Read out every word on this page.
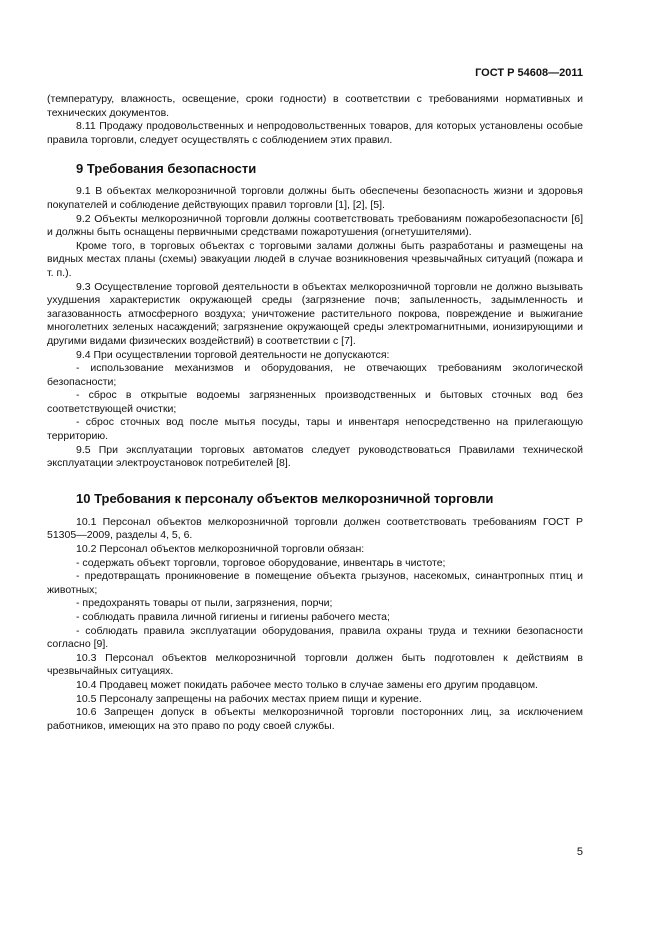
ГОСТ Р 54608—2011

(температуру, влажность, освещение, сроки годности) в соответствии с требованиями нормативных и технических документов.

8.11 Продажу продовольственных и непродовольственных товаров, для которых установлены особые правила торговли, следует осуществлять с соблюдением этих правил.

9 Требования безопасности

9.1 В объектах мелкорозничной торговли должны быть обеспечены безопасность жизни и здоровья покупателей и соблюдение действующих правил торговли [1], [2], [5].

9.2 Объекты мелкорозничной торговли должны соответствовать требованиям пожаробезопасности [6] и должны быть оснащены первичными средствами пожаротушения (огнетушителями).

Кроме того, в торговых объектах с торговыми залами должны быть разработаны и размещены на видных местах планы (схемы) эвакуации людей в случае возникновения чрезвычайных ситуаций (пожара и т. п.).

9.3 Осуществление торговой деятельности в объектах мелкорозничной торговли не должно вызывать ухудшения характеристик окружающей среды (загрязнение почв; запыленность, задымленность и загазованность атмосферного воздуха; уничтожение растительного покрова, повреждение и выжигание многолетних зеленых насаждений; загрязнение окружающей среды электромагнитными, ионизирующими и другими видами физических воздействий) в соответствии с [7].

9.4 При осуществлении торговой деятельности не допускаются:

- использование механизмов и оборудования, не отвечающих требованиям экологической безопасности;

- сброс в открытые водоемы загрязненных производственных и бытовых сточных вод без соответствующей очистки;

- сброс сточных вод после мытья посуды, тары и инвентаря непосредственно на прилегающую территорию.

9.5 При эксплуатации торговых автоматов следует руководствоваться Правилами технической эксплуатации электроустановок потребителей [8].

10 Требования к персоналу объектов мелкорозничной торговли

10.1 Персонал объектов мелкорозничной торговли должен соответствовать требованиям ГОСТ Р 51305—2009, разделы 4, 5, 6.

10.2 Персонал объектов мелкорозничной торговли обязан:

- содержать объект торговли, торговое оборудование, инвентарь в чистоте;

- предотвращать проникновение в помещение объекта грызунов, насекомых, синантропных птиц и животных;

- предохранять товары от пыли, загрязнения, порчи;

- соблюдать правила личной гигиены и гигиены рабочего места;

- соблюдать правила эксплуатации оборудования, правила охраны труда и техники безопасности согласно [9].

10.3 Персонал объектов мелкорозничной торговли должен быть подготовлен к действиям в чрезвычайных ситуациях.

10.4 Продавец может покидать рабочее место только в случае замены его другим продавцом.

10.5 Персоналу запрещены на рабочих местах прием пищи и курение.

10.6 Запрещен допуск в объекты мелкорозничной торговли посторонних лиц, за исключением работников, имеющих на это право по роду своей службы.

5
